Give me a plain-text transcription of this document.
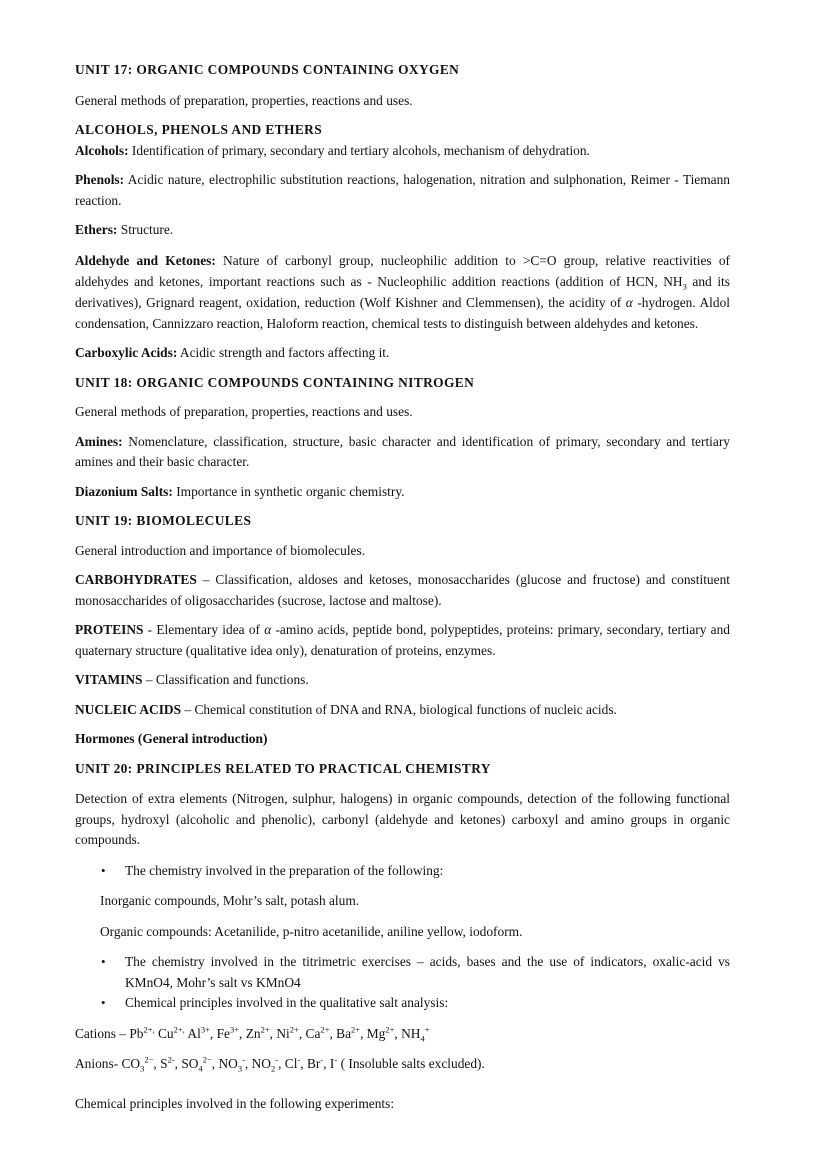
UNIT 17: ORGANIC COMPOUNDS CONTAINING OXYGEN

General methods of preparation, properties, reactions and uses.

ALCOHOLS, PHENOLS AND ETHERS

Alcohols: Identification of primary, secondary and tertiary alcohols, mechanism of dehydration.

Phenols: Acidic nature, electrophilic substitution reactions, halogenation, nitration and sulphonation, Reimer - Tiemann reaction.

Ethers: Structure.

Aldehyde and Ketones: Nature of carbonyl group, nucleophilic addition to >C=O group, relative reactivities of aldehydes and ketones, important reactions such as - Nucleophilic addition reactions (addition of HCN, $NH_3$ and its derivatives), Grignard reagent, oxidation, reduction (Wolf Kishner and Clemmensen), the acidity of α -hydrogen. Aldol condensation, Cannizzaro reaction, Haloform reaction, chemical tests to distinguish between aldehydes and ketones.

Carboxylic Acids: Acidic strength and factors affecting it.

UNIT 18: ORGANIC COMPOUNDS CONTAINING NITROGEN

General methods of preparation, properties, reactions and uses.

Amines: Nomenclature, classification, structure, basic character and identification of primary, secondary and tertiary amines and their basic character.

Diazonium Salts: Importance in synthetic organic chemistry.

UNIT 19: BIOMOLECULES

General introduction and importance of biomolecules.

CARBOHYDRATES – Classification, aldoses and ketoses, monosaccharides (glucose and fructose) and constituent monosaccharides of oligosaccharides (sucrose, lactose and maltose).

PROTEINS - Elementary idea of α -amino acids, peptide bond, polypeptides, proteins: primary, secondary, tertiary and quaternary structure (qualitative idea only), denaturation of proteins, enzymes.

VITAMINS – Classification and functions.

NUCLEIC ACIDS – Chemical constitution of DNA and RNA, biological functions of nucleic acids.

Hormones (General introduction)

UNIT 20: PRINCIPLES RELATED TO PRACTICAL CHEMISTRY

Detection of extra elements (Nitrogen, sulphur, halogens) in organic compounds, detection of the following functional groups, hydroxyl (alcoholic and phenolic), carbonyl (aldehyde and ketones) carboxyl and amino groups in organic compounds.

• The chemistry involved in the preparation of the following:

Inorganic compounds, Mohr’s salt, potash alum.

Organic compounds: Acetanilide, p-nitro acetanilide, aniline yellow, iodoform.

• The chemistry involved in the titrimetric exercises – acids, bases and the use of indicators, oxalic-acid vs KMnO4, Mohr’s salt vs KMnO4

• Chemical principles involved in the qualitative salt analysis:

Cations – $Pb^{2+,}$ $Cu^{2+,}$ $Al^{3+}$, $Fe^{3+}$, $Zn^{2+}$, $Ni^{2+}$, $Ca^{2+}$, $Ba^{2+}$, $Mg^{2+}$, $NH_4^+$

Anions- $CO_3^{2-}$, $S^{2-}$, $SO_4^{2-}$, $NO_3^-$, $NO_2^-$, Cl-, Br-, I- ( Insoluble salts excluded).

Chemical principles involved in the following experiments:
